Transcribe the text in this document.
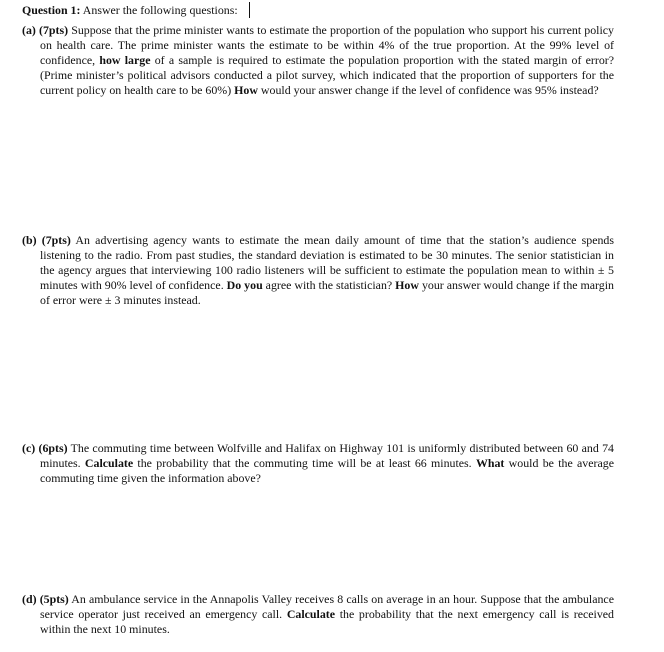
Question 1: Answer the following questions:
(a) (7pts) Suppose that the prime minister wants to estimate the proportion of the population who support his current policy on health care. The prime minister wants the estimate to be within 4% of the true proportion. At the 99% level of confidence, how large of a sample is required to estimate the population proportion with the stated margin of error? (Prime minister’s political advisors conducted a pilot survey, which indicated that the proportion of supporters for the current policy on health care to be 60%) How would your answer change if the level of confidence was 95% instead?
(b) (7pts) An advertising agency wants to estimate the mean daily amount of time that the station’s audience spends listening to the radio. From past studies, the standard deviation is estimated to be 30 minutes. The senior statistician in the agency argues that interviewing 100 radio listeners will be sufficient to estimate the population mean to within ± 5 minutes with 90% level of confidence. Do you agree with the statistician? How your answer would change if the margin of error were ± 3 minutes instead.
(c) (6pts) The commuting time between Wolfville and Halifax on Highway 101 is uniformly distributed between 60 and 74 minutes. Calculate the probability that the commuting time will be at least 66 minutes. What would be the average commuting time given the information above?
(d) (5pts) An ambulance service in the Annapolis Valley receives 8 calls on average in an hour. Suppose that the ambulance service operator just received an emergency call. Calculate the probability that the next emergency call is received within the next 10 minutes.
